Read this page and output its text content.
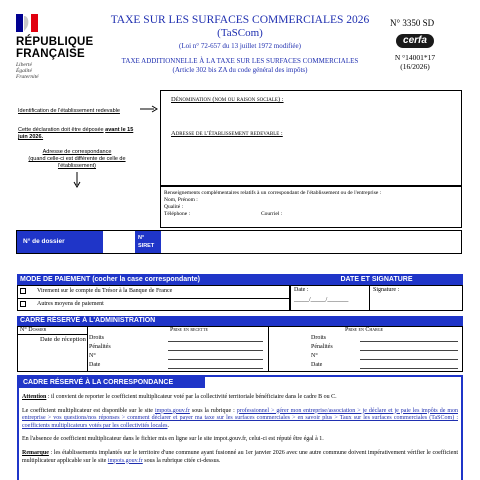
RÉPUBLIQUE
FRANÇAISE
Liberté
Égalité
Fraternité
TAXE SUR LES SURFACES COMMERCIALES 2026
(TaSCom)
(Loi n° 72-657 du 13 juillet 1972 modifiée)
TAXE ADDITIONNELLE À LA TAXE SUR LES SURFACES COMMERCIALES
(Article 302 bis ZA du code général des impôts)
N° 3350 SD
cerfa
N °14001*17
(16/2026)
Identification de l'établissement redevable
Cette déclaration doit être déposée avant le 15 juin 2026.
Adresse de correspondance
(quand celle-ci est différente de celle de
l'établissement)
Dénomination (nom ou raison sociale) :
Adresse de l'établissement redevable :
Renseignements complémentaires relatifs à un correspondant de l'établissement ou de l'entreprise :
Nom, Prénom :
Qualité :
Téléphone :	Courriel :
N° de dossier	N°
SIRET
MODE DE PAIEMENT (cocher la case correspondante)	DATE ET SIGNATURE
Virement sur le compte du Trésor à la Banque de France
Autres moyens de paiement
Date :
_____/_____/_______
Signature :
CADRE RÉSERVÉ À L'ADMINISTRATION
N° Dossier
Date de réception
Prise en recette	Prise en Charge
Droits
Pénalités
N°
Date
Droits
Pénalités
N°
Date
CADRE RÉSERVÉ À LA CORRESPONDANCE

Attention : il convient de reporter le coefficient multiplicateur voté par la collectivité territoriale bénéficiaire dans le cadre B ou C.

Le coefficient multiplicateur est disponible sur le site impots.gouv.fr sous la rubrique : professionnel > gérer mon entreprise/association > je déclare et je paie les impôts de mon entreprise > vos questions/nos réponses > comment déclarer et payer ma taxe sur les surfaces commerciales > en savoir plus > Taux sur les surfaces commerciales (TaSCom) : coefficients multiplicateurs votés par les collectivités locales.

En l'absence de coefficient multiplicateur dans le fichier mis en ligne sur le site impot.gouv.fr, celui-ci est réputé être égal à 1.

Remarque : les établissements implantés sur le territoire d'une commune ayant fusionné au 1er janvier 2026 avec une autre commune doivent impérativement vérifier le coefficient multiplicateur applicable sur le site impots.gouv.fr sous la rubrique citée ci-dessus.
